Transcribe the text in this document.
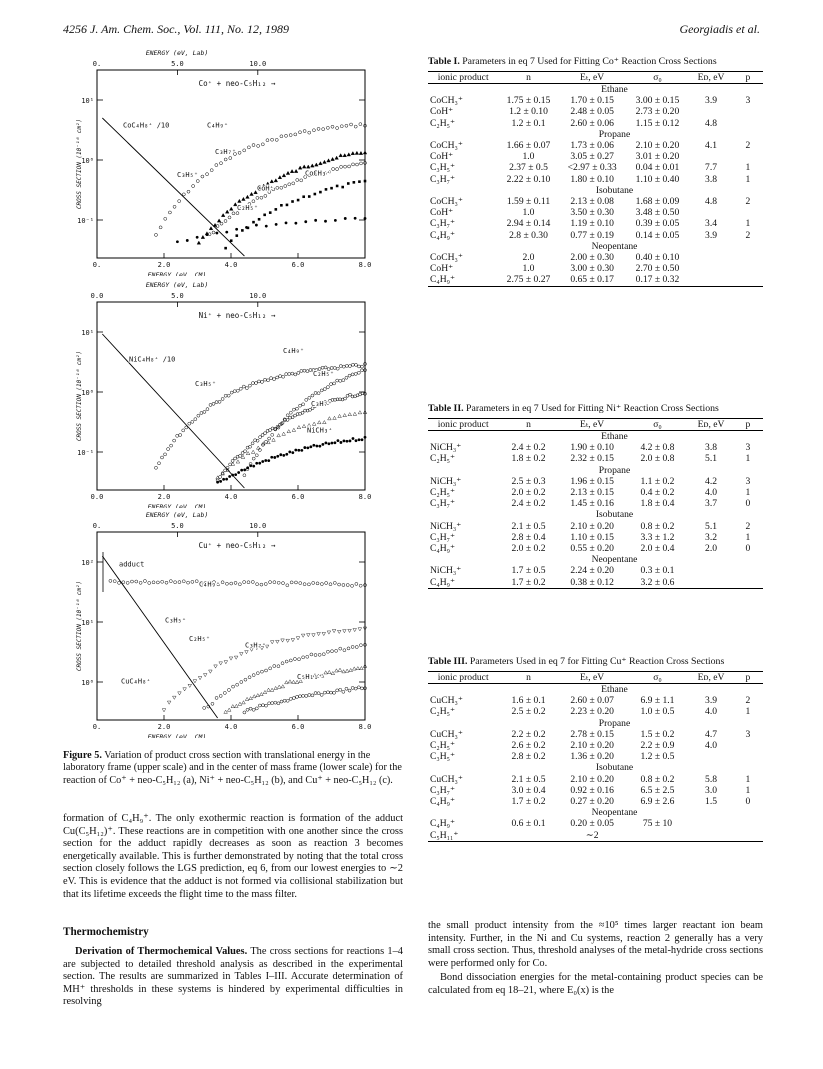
4256 J. Am. Chem. Soc., Vol. 111, No. 12, 1989	Georgiadis et al.
ENERGY (eV, Lab)
0.	5.0	10.0
0.	2.0	4.0	6.0	8.0
ENERGY (eV, CM)
10¹
10⁰
10⁻¹
CROSS SECTION (10⁻¹⁶ cm²)
Co⁺ + neo-C₅H₁₂ →
CoC₄H₈⁺ /10	C₄H₉⁺
C₃H₇⁺
C₃H₅⁺	CoCH₃⁺
CoH⁺
C₂H₅⁺
ENERGY (eV, Lab)
0.0	5.0	10.0
0.0	2.0	4.0	6.0	8.0
ENERGY (eV, CM)
10¹
10⁰
10⁻¹
CROSS SECTION (10⁻¹⁶ cm²)
Ni⁺ + neo-C₅H₁₂ →
NiC₄H₈⁺ /10
C₄H₉⁺
C₂H₅⁺
C₃H₅⁺
C₃H₇⁺
NiCH₃⁺
ENERGY (eV, Lab)
0.	5.0	10.0
0.	2.0	4.0	6.0	8.0
ENERGY (eV, CM)
10²
10¹
10⁰
CROSS SECTION (10⁻¹⁶ cm²)
Cu⁺ + neo-C₅H₁₂ →
adduct
C₄H₉⁺
C₃H₅⁺
C₂H₅⁺
C₃H₇⁺
CuC₄H₈⁺
C₅H₁₁⁺
Figure 5. Variation of product cross section with translational energy in the laboratory frame (upper scale) and in the center of mass frame (lower scale) for the reaction of Co⁺ + neo-C₅H₁₂ (a), Ni⁺ + neo-C₅H₁₂ (b), and Cu⁺ + neo-C₅H₁₂ (c).
formation of C₄H₉⁺. The only exothermic reaction is formation of the adduct Cu(C₅H₁₂)⁺. These reactions are in competition with one another since the cross section for the adduct rapidly decreases as soon as reaction 3 becomes energetically available. This is further demonstrated by noting that the total cross section closely follows the LGS prediction, eq 6, from our lowest energies to ∼2 eV. This is evidence that the adduct is not formed via collisional stabilization but that its lifetime exceeds the flight time to the mass filter.
Thermochemistry
Derivation of Thermochemical Values. The cross sections for reactions 1–4 are subjected to detailed threshold analysis as described in the experimental section. The results are summarized in Tables I–III. Accurate determination of MH⁺ thresholds in these systems is hindered by experimental difficulties in resolving
Table I. Parameters in eq 7 Used for Fitting Co⁺ Reaction Cross Sections
ionic product	n	Eₜ, eV	σ₀	Eᴅ, eV	p
Ethane					
CoCH₃⁺	1.75 ± 0.15	1.70 ± 0.15	3.00 ± 0.15	3.9	3
CoH⁺	1.2 ± 0.10	2.48 ± 0.05	2.73 ± 0.20		
C₂H₅⁺	1.2 ± 0.1	2.60 ± 0.06	1.15 ± 0.12	4.8	
Propane					
CoCH₃⁺	1.66 ± 0.07	1.73 ± 0.06	2.10 ± 0.20	4.1	2
CoH⁺	1.0	3.05 ± 0.27	3.01 ± 0.20		
C₃H₅⁺	2.37 ± 0.5	<2.97 ± 0.33	0.04 ± 0.01	7.7	1
C₃H₇⁺	2.22 ± 0.10	1.80 ± 0.10	1.10 ± 0.40	3.8	1
Isobutane					
CoCH₃⁺	1.59 ± 0.11	2.13 ± 0.08	1.68 ± 0.09	4.8	2
CoH⁺	1.0	3.50 ± 0.30	3.48 ± 0.50		
C₃H₇⁺	2.94 ± 0.14	1.19 ± 0.10	0.39 ± 0.05	3.4	1
C₄H₉⁺	2.8 ± 0.30	0.77 ± 0.19	0.14 ± 0.05	3.9	2
Neopentane					
CoCH₃⁺	2.0	2.00 ± 0.30	0.40 ± 0.10		
CoH⁺	1.0	3.00 ± 0.30	2.70 ± 0.50		
C₄H₉⁺	2.75 ± 0.27	0.65 ± 0.17	0.17 ± 0.32		

Table II. Parameters in eq 7 Used for Fitting Ni⁺ Reaction Cross Sections
ionic product	n	Eₜ, eV	σ₀	Eᴅ, eV	p
Ethane					
NiCH₃⁺	2.4 ± 0.2	1.90 ± 0.10	4.2 ± 0.8	3.8	3
C₂H₅⁺	1.8 ± 0.2	2.32 ± 0.15	2.0 ± 0.8	5.1	1
Propane					
NiCH₃⁺	2.5 ± 0.3	1.96 ± 0.15	1.1 ± 0.2	4.2	3
C₂H₅⁺	2.0 ± 0.2	2.13 ± 0.15	0.4 ± 0.2	4.0	1
C₃H₇⁺	2.4 ± 0.2	1.45 ± 0.16	1.8 ± 0.4	3.7	0
Isobutane					
NiCH₃⁺	2.1 ± 0.5	2.10 ± 0.20	0.8 ± 0.2	5.1	2
C₃H₇⁺	2.8 ± 0.4	1.10 ± 0.15	3.3 ± 1.2	3.2	1
C₄H₉⁺	2.0 ± 0.2	0.55 ± 0.20	2.0 ± 0.4	2.0	0
Neopentane					
NiCH₃⁺	1.7 ± 0.5	2.24 ± 0.20	0.3 ± 0.1		
C₄H₉⁺	1.7 ± 0.2	0.38 ± 0.12	3.2 ± 0.6		

Table III. Parameters Used in eq 7 for Fitting Cu⁺ Reaction Cross Sections
ionic product	n	Eₜ, eV	σ₀	Eᴅ, eV	p
Ethane					
CuCH₃⁺	1.6 ± 0.1	2.60 ± 0.07	6.9 ± 1.1	3.9	2
C₂H₅⁺	2.5 ± 0.2	2.23 ± 0.20	1.0 ± 0.5	4.0	1
Propane					
CuCH₃⁺	2.2 ± 0.2	2.78 ± 0.15	1.5 ± 0.2	4.7	3
C₂H₅⁺	2.6 ± 0.2	2.10 ± 0.20	2.2 ± 0.9	4.0	
C₃H₅⁺	2.8 ± 0.2	1.36 ± 0.20	1.2 ± 0.5		
Isobutane					
CuCH₃⁺	2.1 ± 0.5	2.10 ± 0.20	0.8 ± 0.2	5.8	1
C₃H₇⁺	3.0 ± 0.4	0.92 ± 0.16	6.5 ± 2.5	3.0	1
C₄H₉⁺	1.7 ± 0.2	0.27 ± 0.20	6.9 ± 2.6	1.5	0
Neopentane					
C₄H₉⁺	0.6 ± 0.1	0.20 ± 0.05	75 ± 10		
C₅H₁₁⁺		∼2			

the small product intensity from the ≈10⁵ times larger reactant ion beam intensity. Further, in the Ni and Cu systems, reaction 2 generally has a very small cross section. Thus, threshold analyses of the metal-hydride cross sections were performed only for Co.
Bond dissociation energies for the metal-containing product species can be calculated from eq 18–21, where E₀(x) is the
